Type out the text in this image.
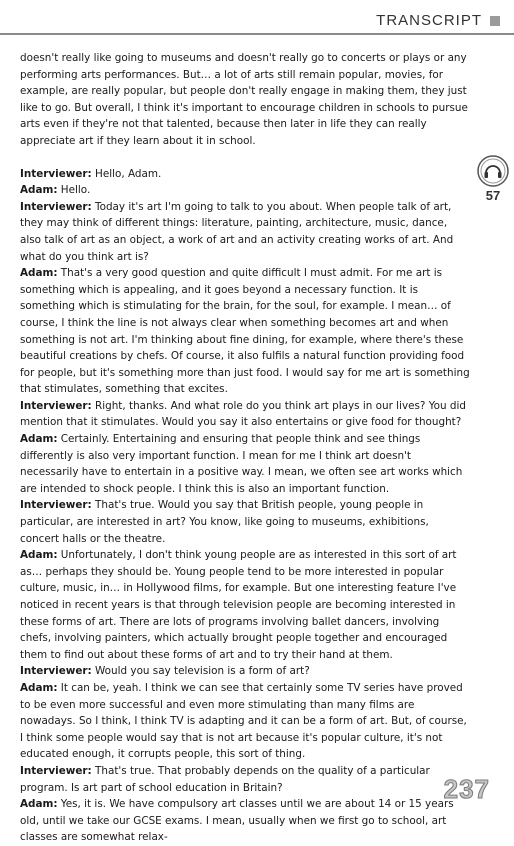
TRANSCRIPT
57

doesn't really like going to museums and doesn't really go to concerts or plays or any performing arts performances. But… a lot of arts still remain popular, movies, for example, are really popular, but people don't really engage in making them, they just like to go. But overall, I think it's important to encourage children in schools to pursue arts even if they're not that talented, because then later in life they can really appreciate art if they learn about it in school.

Interviewer: Hello, Adam.

Adam: Hello.

Interviewer: Today it's art I'm going to talk to you about. When people talk of art, they may think of different things: literature, painting, architecture, music, dance, also talk of art as an object, a work of art and an activity creating works of art. And what do you think art is?

Adam: That's a very good question and quite difficult I must admit. For me art is something which is appealing, and it goes beyond a necessary function. It is something which is stimulating for the brain, for the soul, for example. I mean… of course, I think the line is not always clear when something becomes art and when something is not art. I'm thinking about fine dining, for example, where there's these beautiful creations by chefs. Of course, it also fulfils a natural function providing food for people, but it's something more than just food. I would say for me art is something that stimulates, something that excites.

Interviewer: Right, thanks. And what role do you think art plays in our lives? You did mention that it stimulates. Would you say it also entertains or give food for thought?

Adam: Certainly. Entertaining and ensuring that people think and see things differently is also very important function. I mean for me I think art doesn't necessarily have to entertain in a positive way. I mean, we often see art works which are intended to shock people. I think this is also an important function.

Interviewer: That's true. Would you say that British people, young people in particular, are interested in art? You know, like going to museums, exhibitions, concert halls or the theatre.

Adam: Unfortunately, I don't think young people are as interested in this sort of art as… perhaps they should be. Young people tend to be more interested in popular culture, music, in… in Hollywood films, for example. But one interesting feature I've noticed in recent years is that through television people are becoming interested in these forms of art. There are lots of programs involving ballet dancers, involving chefs, involving painters, which actually brought people together and encouraged them to find out about these forms of art and to try their hand at them.

Interviewer: Would you say television is a form of art?

Adam: It can be, yeah. I think we can see that certainly some TV series have proved to be even more successful and even more stimulating than many films are nowadays. So I think, I think TV is adapting and it can be a form of art. But, of course, I think some people would say that is not art because it's popular culture, it's not educated enough, it corrupts people, this sort of thing.

Interviewer: That's true. That probably depends on the quality of a particular program. Is art part of school education in Britain?

Adam: Yes, it is. We have compulsory art classes until we are about 14 or 15 years old, until we take our GCSE exams. I mean, usually when we first go to school, art classes are somewhat relax-

237
